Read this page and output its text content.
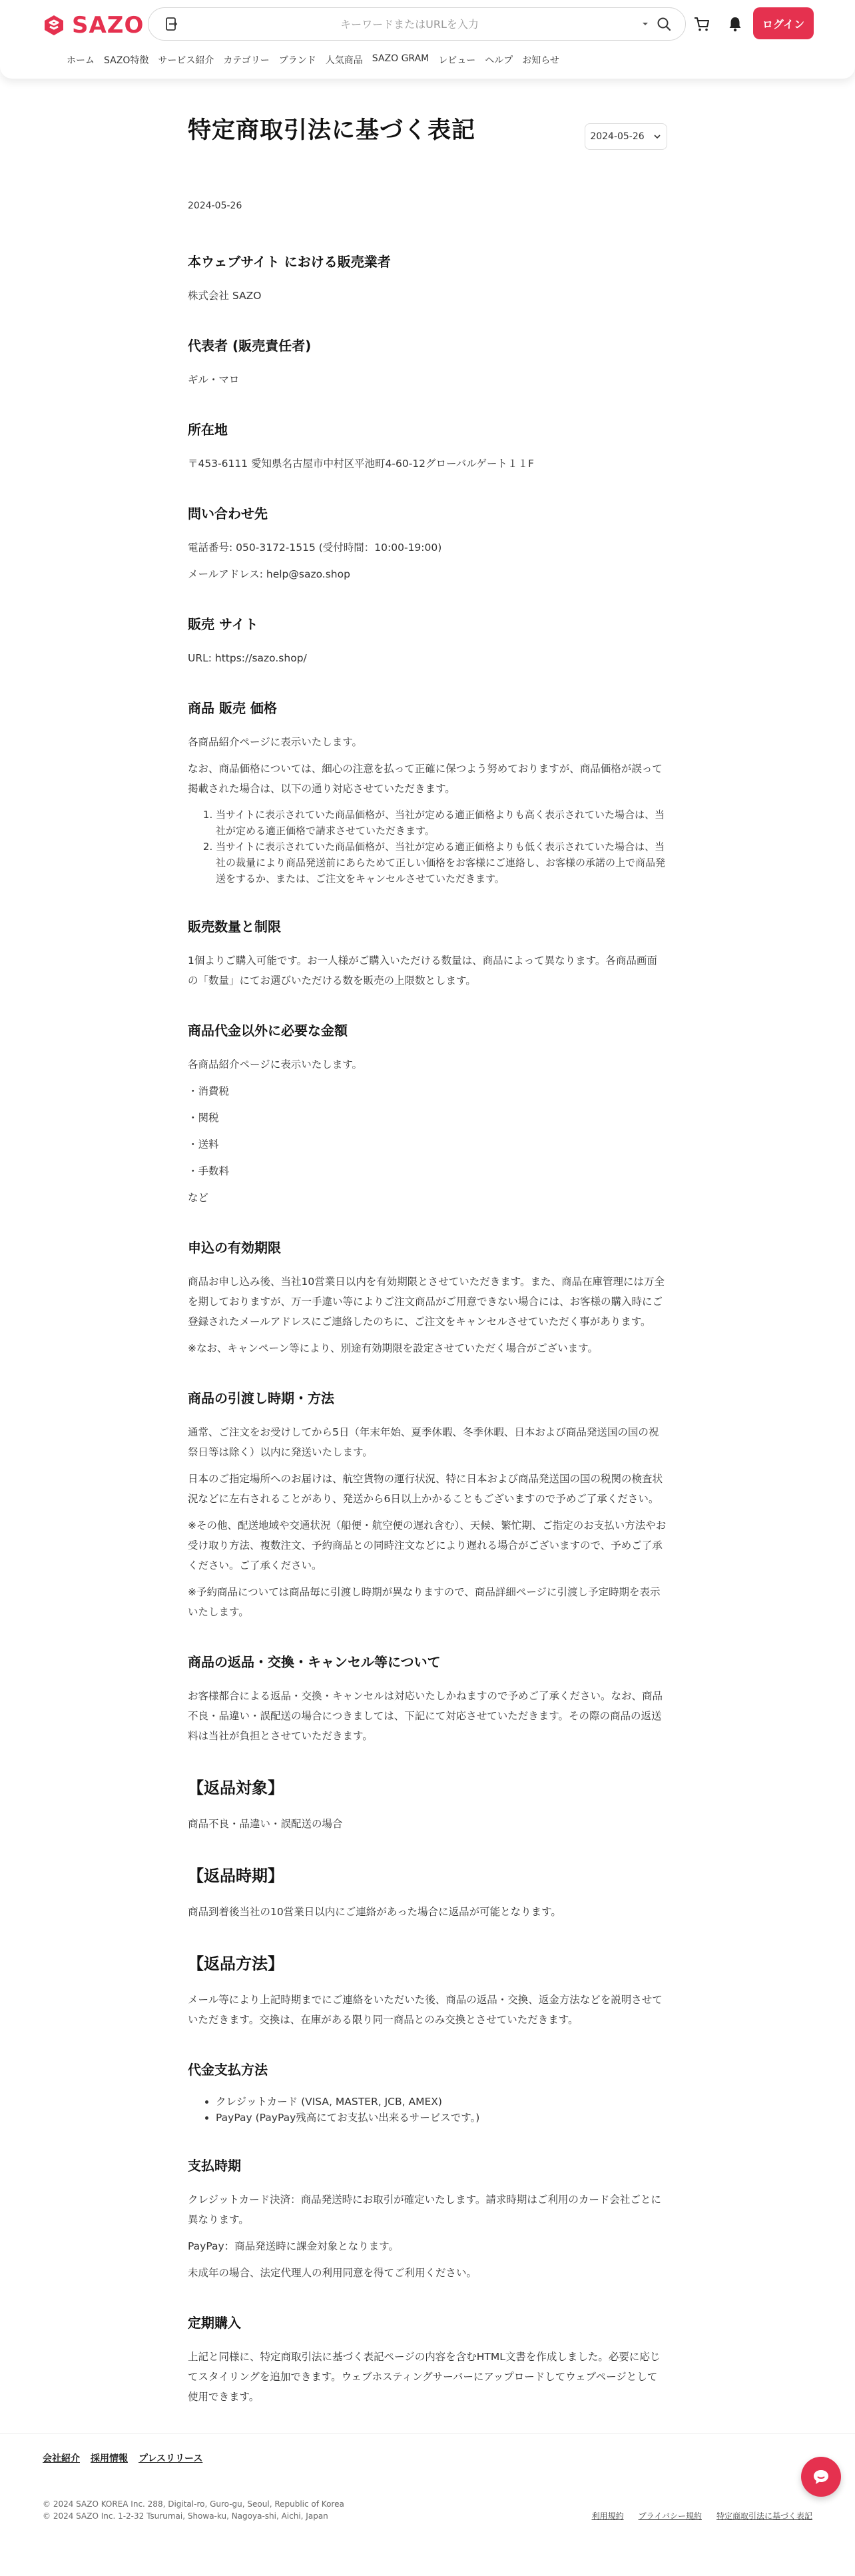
SAZO
キーワードまたはURLを入力	ログイン
ホーム SAZO特徴 サービス紹介 カテゴリー ブランド 人気商品 SAZO GRAM レビュー ヘルプ お知らせ
特定商取引法に基づく表記	2024-05-26
2024-05-26
本ウェブサイト における販売業者

株式会社 SAZO

代表者 (販売責任者)

ギル・マロ

所在地

〒453-6111 愛知県名古屋市中村区平池町4-60-12グローバルゲート１１F

問い合わせ先

電話番号: 050-3172-1515 (受付時間：10:00-19:00)

メールアドレス: help@sazo.shop

販売 サイト

URL: https://sazo.shop/

商品 販売 価格

各商品紹介ページに表示いたします。

なお、商品価格については、細心の注意を払って正確に保つよう努めておりますが、商品価格が誤って掲載された場合は、以下の通り対応させていただきます。

1. 当サイトに表示されていた商品価格が、当社が定める適正価格よりも高く表示されていた場合は、当社が定める適正価格で請求させていただきます。
2. 当サイトに表示されていた商品価格が、当社が定める適正価格よりも低く表示されていた場合は、当社の裁量により商品発送前にあらためて正しい価格をお客様にご連絡し、お客様の承諾の上で商品発送をするか、または、ご注文をキャンセルさせていただきます。
販売数量と制限

1個よりご購入可能です。お一人様がご購入いただける数量は、商品によって異なります。各商品画面の「数量」にてお選びいただける数を販売の上限数とします。

商品代金以外に必要な金額

各商品紹介ページに表示いたします。

・消費税

・関税

・送料

・手数料

など

申込の有効期限

商品お申し込み後、当社10営業日以内を有効期限とさせていただきます。また、商品在庫管理には万全を期しておりますが、万一手違い等によりご注文商品がご用意できない場合には、お客様の購入時にご登録されたメールアドレスにご連絡したのちに、ご注文をキャンセルさせていただく事があります。

※なお、キャンペーン等により、別途有効期限を設定させていただく場合がございます。

商品の引渡し時期・方法

通常、ご注文をお受けしてから5日（年末年始、夏季休暇、冬季休暇、日本および商品発送国の国の祝祭日等は除く）以内に発送いたします。

日本のご指定場所へのお届けは、航空貨物の運行状況、特に日本および商品発送国の国の税関の検査状況などに左右されることがあり、発送から6日以上かかることもございますので予めご了承ください。

※その他、配送地域や交通状況（船便・航空便の遅れ含む）、天候、繁忙期、ご指定のお支払い方法やお受け取り方法、複数注文、予約商品との同時注文などにより遅れる場合がございますので、予めご了承ください。ご了承ください。

※予約商品については商品毎に引渡し時期が異なりますので、商品詳細ページに引渡し予定時期を表示いたします。

商品の返品・交換・キャンセル等について

お客様都合による返品・交換・キャンセルは対応いたしかねますので予めご了承ください。なお、商品不良・品違い・誤配送の場合につきましては、下記にて対応させていただきます。その際の商品の返送料は当社が負担とさせていただきます。

【返品対象】

商品不良・品違い・誤配送の場合

【返品時期】

商品到着後当社の10営業日以内にご連絡があった場合に返品が可能となります。

【返品方法】

メール等により上記時期までにご連絡をいただいた後、商品の返品・交換、返金方法などを説明させていただきます。交換は、在庫がある限り同一商品とのみ交換とさせていただきます。

代金支払方法
• クレジットカード (VISA, MASTER, JCB, AMEX)
• PayPay (PayPay残高にてお支払い出来るサービスです。)
支払時期

クレジットカード決済：商品発送時にお取引が確定いたします。請求時期はご利用のカード会社ごとに異なります。

PayPay：商品発送時に課金対象となります。

未成年の場合、法定代理人の利用同意を得てご利用ください。

定期購入

上記と同様に、特定商取引法に基づく表記ページの内容を含むHTML文書を作成しました。必要に応じてスタイリングを追加できます。ウェブホスティングサーバーにアップロードしてウェブページとして使用できます。

会社紹介 採用情報 プレスリリース
© 2024 SAZO KOREA Inc. 288, Digital-ro, Guro-gu, Seoul, Republic of Korea
© 2024 SAZO Inc. 1-2-32 Tsurumai, Showa-ku, Nagoya-shi, Aichi, Japan	利用規約 プライバシー規約 特定商取引法に基づく表記
